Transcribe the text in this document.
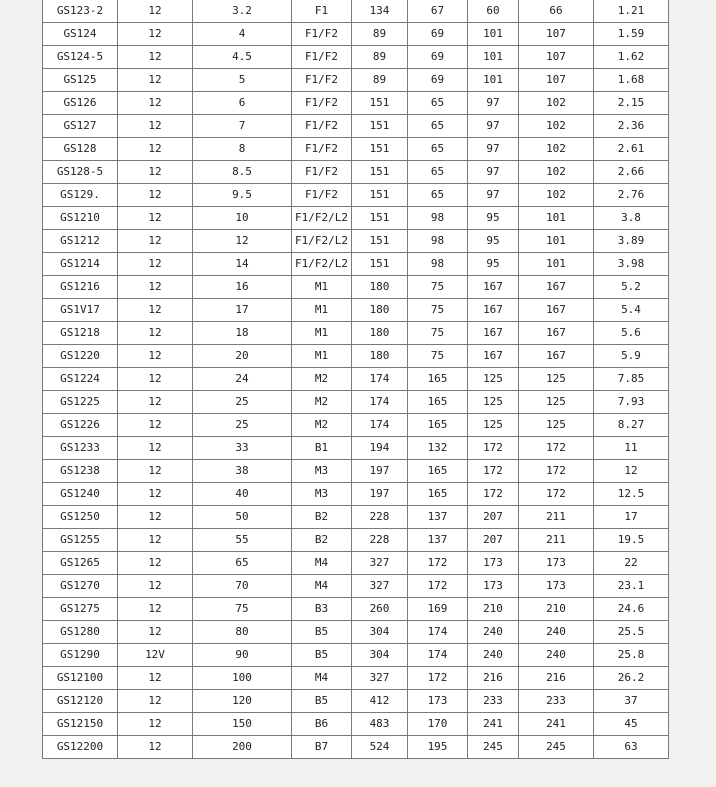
GS123-2	12	3.2	F1	134	67	60	66	1.21
GS124	12	4	F1/F2	89	69	101	107	1.59
GS124-5	12	4.5	F1/F2	89	69	101	107	1.62
GS125	12	5	F1/F2	89	69	101	107	1.68
GS126	12	6	F1/F2	151	65	97	102	2.15
GS127	12	7	F1/F2	151	65	97	102	2.36
GS128	12	8	F1/F2	151	65	97	102	2.61
GS128-5	12	8.5	F1/F2	151	65	97	102	2.66
GS129.	12	9.5	F1/F2	151	65	97	102	2.76
GS1210	12	10	F1/F2/L2	151	98	95	101	3.8
GS1212	12	12	F1/F2/L2	151	98	95	101	3.89
GS1214	12	14	F1/F2/L2	151	98	95	101	3.98
GS1216	12	16	M1	180	75	167	167	5.2
GS1V17	12	17	M1	180	75	167	167	5.4
GS1218	12	18	M1	180	75	167	167	5.6
GS1220	12	20	M1	180	75	167	167	5.9
GS1224	12	24	M2	174	165	125	125	7.85
GS1225	12	25	M2	174	165	125	125	7.93
GS1226	12	25	M2	174	165	125	125	8.27
GS1233	12	33	B1	194	132	172	172	11
GS1238	12	38	M3	197	165	172	172	12
GS1240	12	40	M3	197	165	172	172	12.5
GS1250	12	50	B2	228	137	207	211	17
GS1255	12	55	B2	228	137	207	211	19.5
GS1265	12	65	M4	327	172	173	173	22
GS1270	12	70	M4	327	172	173	173	23.1
GS1275	12	75	B3	260	169	210	210	24.6
GS1280	12	80	B5	304	174	240	240	25.5
GS1290	12V	90	B5	304	174	240	240	25.8
GS12100	12	100	M4	327	172	216	216	26.2
GS12120	12	120	B5	412	173	233	233	37
GS12150	12	150	B6	483	170	241	241	45
GS12200	12	200	B7	524	195	245	245	63
